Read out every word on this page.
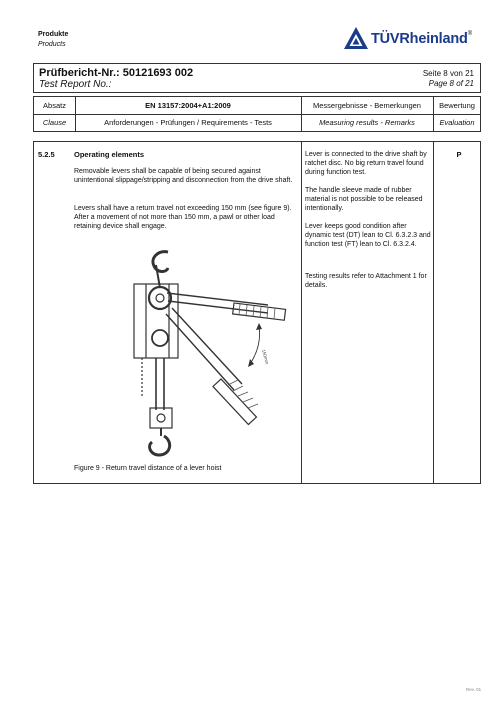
Produkte
Products	TÜVRheinland®
Prüfbericht-Nr.: 50121693 002
Test Report No.:
Seite 8 von 21
Page 8 of 21
Absatz
Clause
EN 13157:2004+A1:2009
Anforderungen - Prüfungen / Requirements - Tests
Messergebnisse - Bemerkungen
Measuring results - Remarks
Bewertung
Evaluation
5.2.5	Operating elements
Removable levers shall be capable of being secured against unintentional slippage/stripping and disconnection from the drive shaft.
Levers shall have a return travel not exceeding 150 mm (see figure 9). After a movement of not more than 150 mm, a pawl or other load retaining device shall engage.
150mm
Figure 9 - Return travel distance of a lever hoist
Lever is connected to the drive shaft by ratchet disc. No big return travel found during function test.
The handle sleeve made of rubber material is not possible to be released intentionally.
Lever keeps good condition after dynamic test (DT) lean to Cl. 6.3.2.3 and function test (FT) lean to Cl. 6.3.2.4.
Testing results refer to Attachment 1 for details.
P
Rev. 01
